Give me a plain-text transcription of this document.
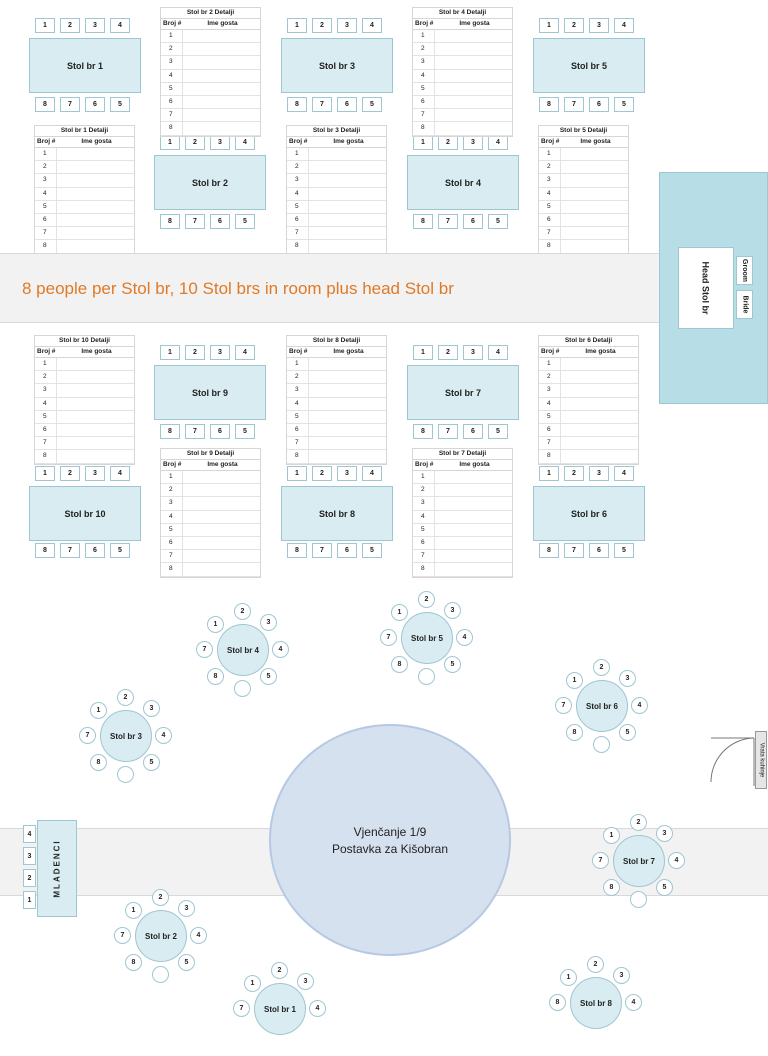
1	2	3	4
Stol br 1
8	7	6	5
1	2	3	4
Stol br 3
8	7	6	5
1	2	3	4
Stol br 5
8	7	6	5
1	2	3	4
Stol br 2
8	7	6	5
1	2	3	4
Stol br 4
8	7	6	5
Stol br 2 Detalji
Broj #	Ime gosta
1
2
3
4
5
6
7
8
Stol br 4 Detalji
Broj #	Ime gosta
1
2
3
4
5
6
7
8
Stol br 1 Detalji
Broj #	Ime gosta
1
2
3
4
5
6
7
8
Stol br 3 Detalji
Broj #	Ime gosta
1
2
3
4
5
6
7
8
Stol br 5 Detalji
Broj #	Ime gosta
1
2
3
4
5
6
7
8
8 people per Stol br, 10 Stol brs in room plus head Stol br	Head Stol br	Groom
Bride
1	2	3	4
Stol br 9
8	7	6	5
1	2	3	4
Stol br 7
8	7	6	5
1	2	3	4
Stol br 10
8	7	6	5
1	2	3	4
Stol br 8
8	7	6	5
1	2	3	4
Stol br 6
8	7	6	5
Stol br 10 Detalji
Broj #	Ime gosta
1
2
3
4
5
6
7
8
Stol br 8 Detalji
Broj #	Ime gosta
1
2
3
4
5
6
7
8
Stol br 6 Detalji
Broj #	Ime gosta
1
2
3
4
5
6
7
8
Stol br 9 Detalji
Broj #	Ime gosta
1
2
3
4
5
6
7
8
Stol br 7 Detalji
Broj #	Ime gosta
1
2
3
4
5
6
7
8
Vjenčanje 1/9
Postavka za Kišobran
MLADENCI
4
3
2
1
Vrata kuhinje
Stol br 4
2
3
4
5
8
7
1
Stol br 5
2
3
4
5
8
7
1
Stol br 6
2
3
4
5
8
7
1
Stol br 3
2
3
4
5
8
7
1
Stol br 7
2
3
4
5
8
7
1
Stol br 2
2
3
4
5
8
7
1
Stol br 1
2
3
4
1
7
Stol br 8
2
3
4
1
8
